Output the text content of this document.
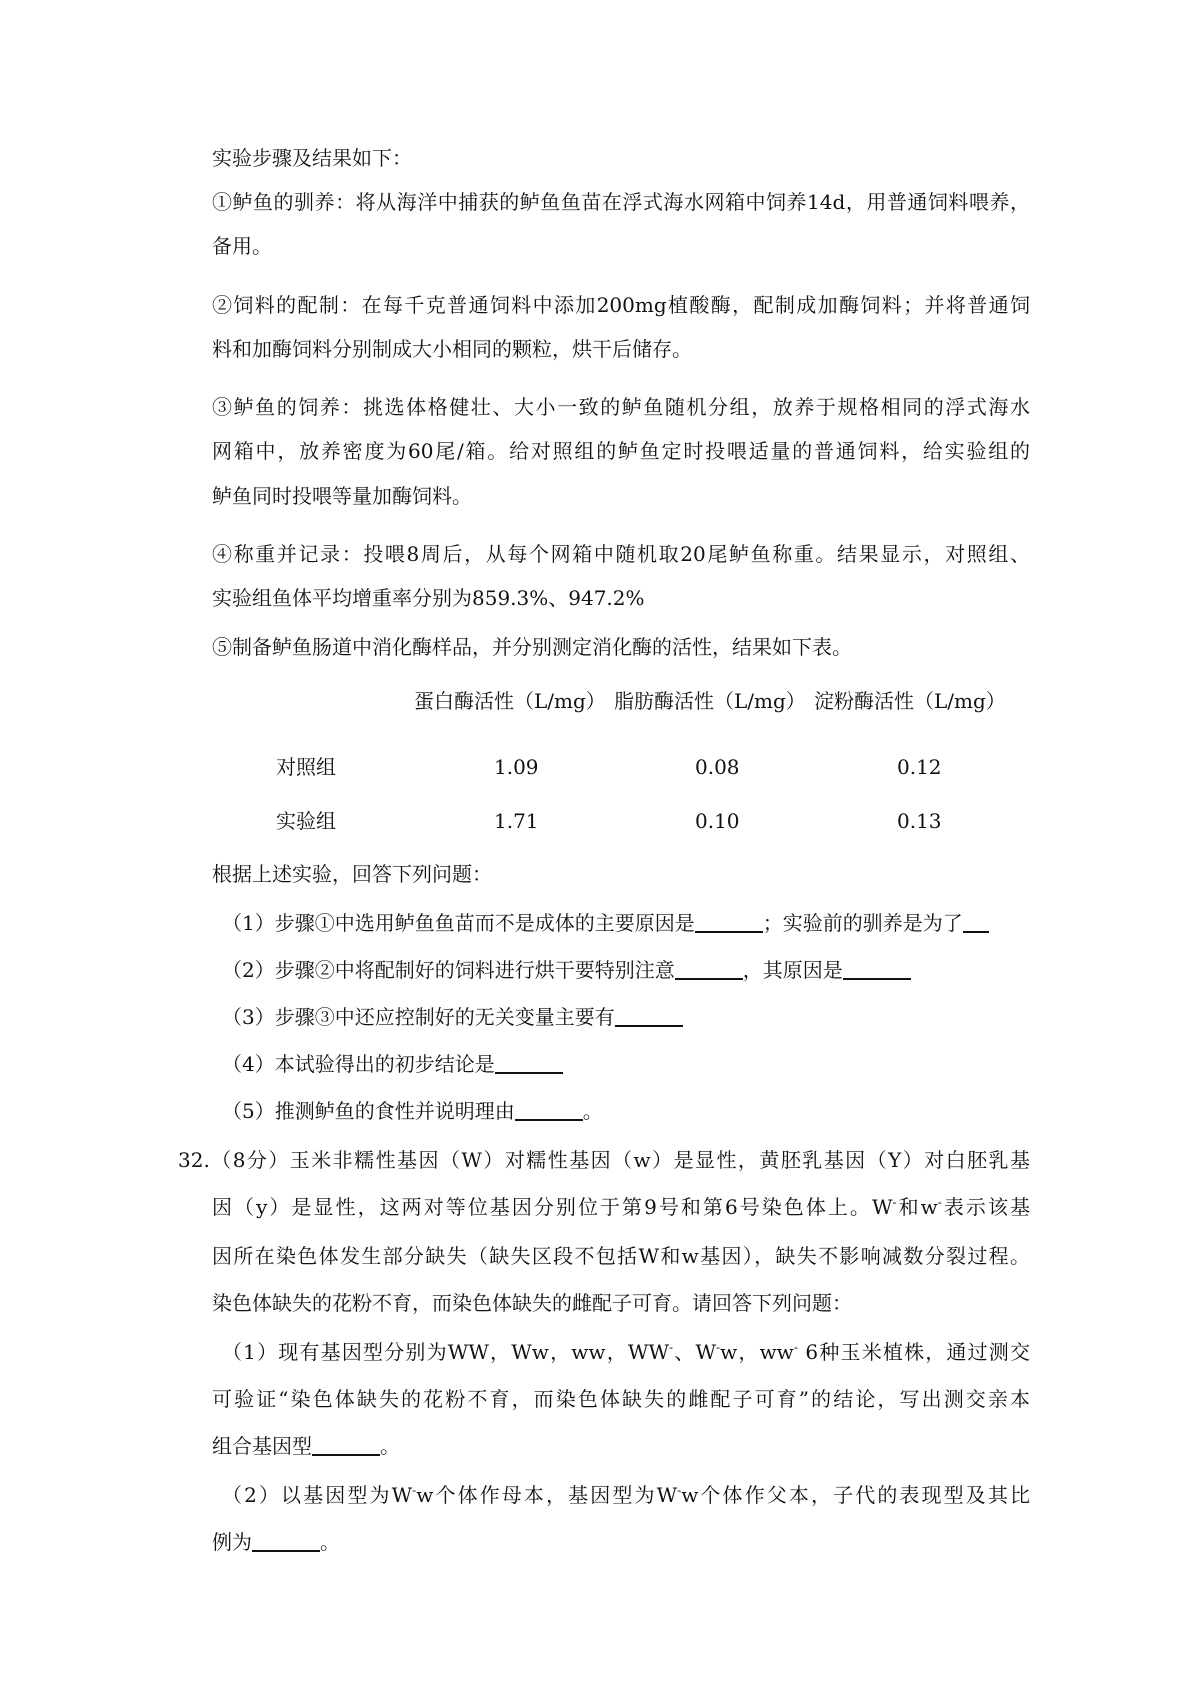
实验步骤及结果如下：
①鲈鱼的驯养：将从海洋中捕获的鲈鱼鱼苗在浮式海水网箱中饲养14d，用普通饲料喂养，
备用。
②饲料的配制：在每千克普通饲料中添加200mg植酸酶，配制成加酶饲料；并将普通饲
料和加酶饲料分别制成大小相同的颗粒，烘干后储存。
③鲈鱼的饲养：挑选体格健壮、大小一致的鲈鱼随机分组，放养于规格相同的浮式海水
网箱中，放养密度为60尾/箱。给对照组的鲈鱼定时投喂适量的普通饲料，给实验组的
鲈鱼同时投喂等量加酶饲料。
④称重并记录：投喂8周后，从每个网箱中随机取20尾鲈鱼称重。结果显示，对照组、
实验组鱼体平均增重率分别为859.3%、947.2%
⑤制备鲈鱼肠道中消化酶样品，并分别测定消化酶的活性，结果如下表。
蛋白酶活性（L/mg） 脂肪酶活性（L/mg） 淀粉酶活性（L/mg）
对照组	1.09	0.08	0.12
实验组	1.71	0.10	0.13
根据上述实验，回答下列问题：
（1）步骤①中选用鲈鱼鱼苗而不是成体的主要原因是	；实验前的驯养是为了
（2）步骤②中将配制好的饲料进行烘干要特别注意	，其原因是
（3）步骤③中还应控制好的无关变量主要有
（4）本试验得出的初步结论是
（5）推测鲈鱼的食性并说明理由	。
32.（8分）玉米非糯性基因（W）对糯性基因（w）是显性，黄胚乳基因（Y）对白胚乳基
因（y）是显性，这两对等位基因分别位于第9号和第6号染色体上。W-和w-表示该基
因所在染色体发生部分缺失（缺失区段不包括W和w基因），缺失不影响减数分裂过程。
染色体缺失的花粉不育，而染色体缺失的雌配子可育。请回答下列问题：
（1）现有基因型分别为WW，Ww，ww，WW-、W-w，ww- 6种玉米植株，通过测交
可验证“染色体缺失的花粉不育，而染色体缺失的雌配子可育”的结论，写出测交亲本
组合基因型	。
（2）以基因型为W-w个体作母本，基因型为W-w个体作父本，子代的表现型及其比
例为	。
